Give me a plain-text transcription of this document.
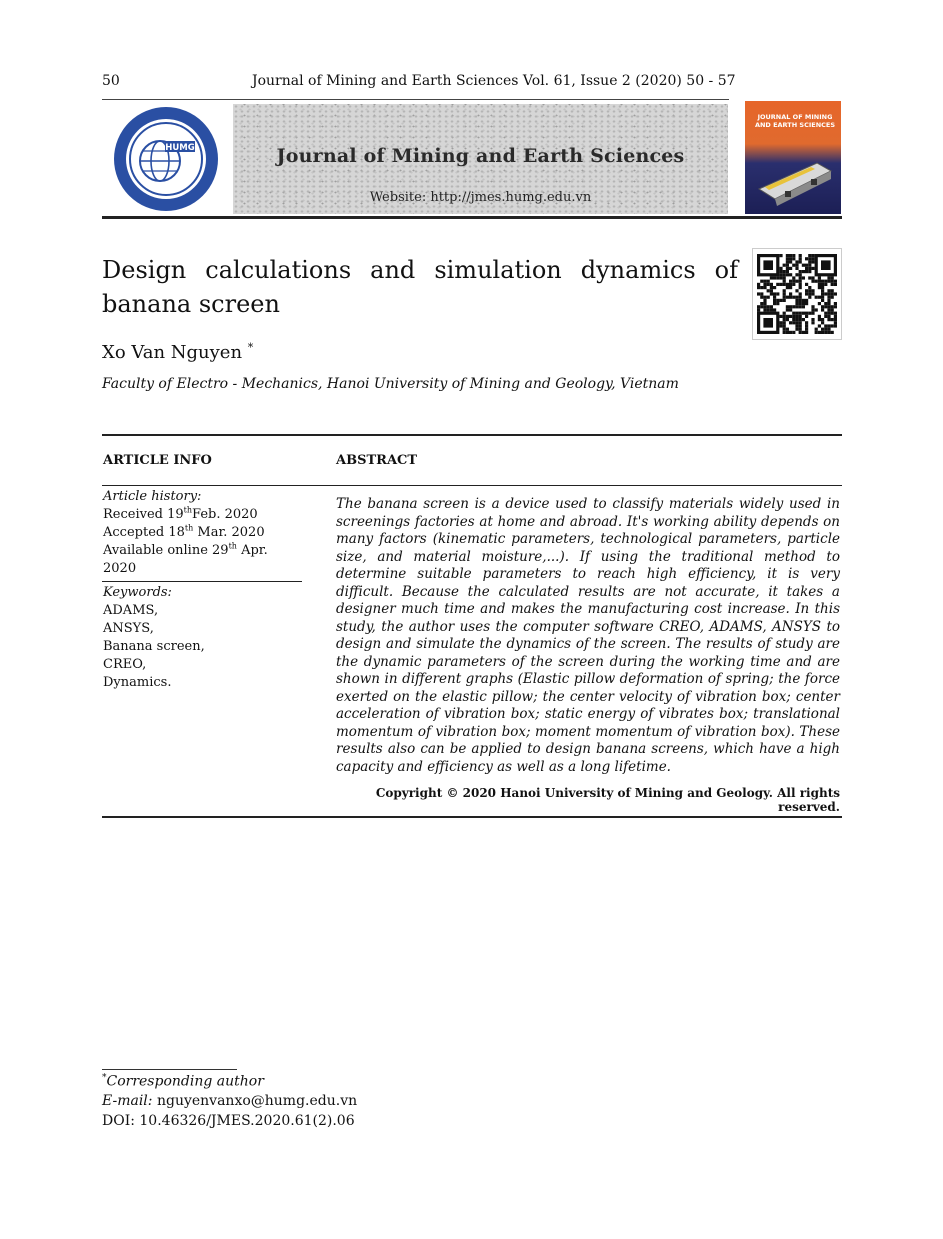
50	Journal of Mining and Earth Sciences Vol. 61, Issue 2 (2020) 50 - 57
HUMG	Journal of Mining and Earth Sciences
Website: http://jmes.humg.edu.vn
JOURNAL OF MINING AND EARTH SCIENCES
Design calculations and simulation dynamics of
banana screen
Xo Van Nguyen *
Faculty of Electro - Mechanics, Hanoi University of Mining and Geology, Vietnam
ARTICLE INFO	ABSTRACT
Article history:
Received 19thFeb. 2020
Accepted 18th Mar. 2020
Available online 29th Apr. 2020
Keywords:
ADAMS,
ANSYS,
Banana screen,
CREO,
Dynamics.
The banana screen is a device used to classify materials widely used in screenings factories at home and abroad. It's working ability depends on many factors (kinematic parameters, technological parameters, particle size, and material moisture,...). If using the traditional method to determine suitable parameters to reach high efficiency, it is very difficult. Because the calculated results are not accurate, it takes a designer much time and makes the manufacturing cost increase. In this study, the author uses the computer software CREO, ADAMS, ANSYS to design and simulate the dynamics of the screen. The results of study are the dynamic parameters of the screen during the working time and are shown in different graphs (Elastic pillow deformation of spring; the force exerted on the elastic pillow; the center velocity of vibration box; center acceleration of vibration box; static energy of vibrates box; translational momentum of vibration box; moment momentum of vibration box). These results also can be applied to design banana screens, which have a high capacity and efficiency as well as a long lifetime.
Copyright © 2020 Hanoi University of Mining and Geology. All rights reserved.
*Corresponding author
E-mail: nguyenvanxo@humg.edu.vn
DOI: 10.46326/JMES.2020.61(2).06
